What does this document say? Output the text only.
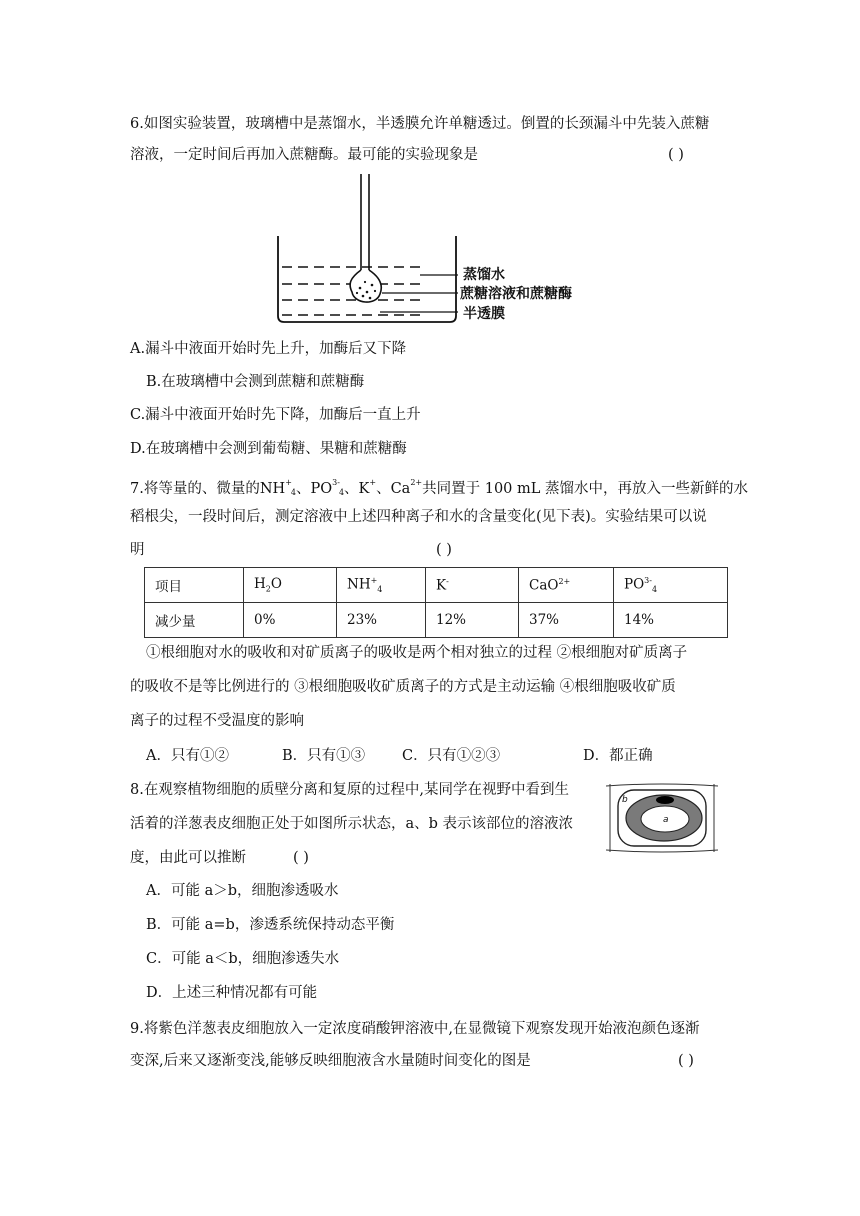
6.如图实验装置，玻璃槽中是蒸馏水，半透膜允许单糖透过。倒置的长颈漏斗中先装入蔗糖
溶液，一定时间后再加入蔗糖酶。最可能的实验现象是	( )
蒸馏水
蔗糖溶液和蔗糖酶
半透膜
A.漏斗中液面开始时先上升，加酶后又下降
B.在玻璃槽中会测到蔗糖和蔗糖酶
C.漏斗中液面开始时先下降，加酶后一直上升
D.在玻璃槽中会测到葡萄糖、果糖和蔗糖酶
7.将等量的、微量的$NH^+_4$、$PO^{3-}_4$、K+、$Ca^{2+}$共同置于 100 mL 蒸馏水中，再放入一些新鲜的水
稻根尖，一段时间后，测定溶液中上述四种离子和水的含量变化(见下表)。实验结果可以说
明	( )
项目	$H_2O$	$NH^+_4$	K-	CaO$^{2+}$	$PO^{3-}_4$
减少量	0%	23%	12%	37%	14%
①根细胞对水的吸收和对矿质离子的吸收是两个相对独立的过程 ②根细胞对矿质离子
的吸收不是等比例进行的 ③根细胞吸收矿质离子的方式是主动运输 ④根细胞吸收矿质
离子的过程不受温度的影响
A．只有①②	B．只有①③	C．只有①②③	D．都正确
8.在观察植物细胞的质壁分离和复原的过程中,某同学在视野中看到生
活着的洋葱表皮细胞正处于如图所示状态，a、b 表示该部位的溶液浓
度，由此可以推断	( )
b
a
A．可能 a＞b，细胞渗透吸水
B．可能 a=b，渗透系统保持动态平衡
C．可能 a＜b，细胞渗透失水
D．上述三种情况都有可能
9.将紫色洋葱表皮细胞放入一定浓度硝酸钾溶液中,在显微镜下观察发现开始液泡颜色逐渐
变深,后来又逐渐变浅,能够反映细胞液含水量随时间变化的图是	( )
